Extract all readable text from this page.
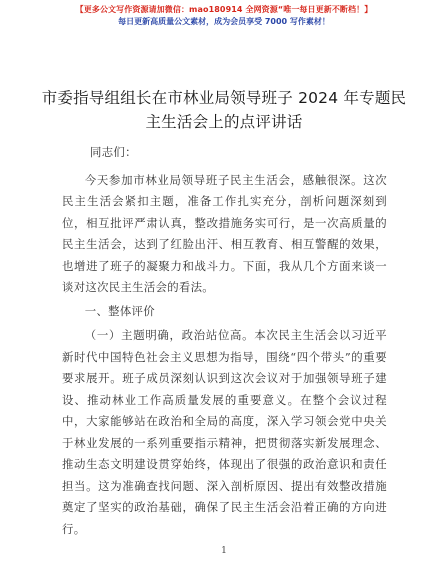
【更多公文写作资源请加微信：mao180914 全网资源“唯一每日更新不断档！】
每日更新高质量公文素材，成为会员享受 7000 写作素材！
市委指导组组长在市林业局领导班子 2024 年专题民主生活会上的点评讲话

同志们：

今天参加市林业局领导班子民主生活会，感触很深。这次民主生活会紧扣主题，准备工作扎实充分，剖析问题深刻到位，相互批评严肃认真，整改措施务实可行，是一次高质量的民主生活会，达到了红脸出汗、相互教育、相互警醒的效果，也增进了班子的凝聚力和战斗力。下面，我从几个方面来谈一谈对这次民主生活会的看法。

一、整体评价

（一）主题明确，政治站位高。本次民主生活会以习近平新时代中国特色社会主义思想为指导，围绕“四个带头”的重要要求展开。班子成员深刻认识到这次会议对于加强领导班子建设、推动林业工作高质量发展的重要意义。在整个会议过程中，大家能够站在政治和全局的高度，深入学习领会党中央关于林业发展的一系列重要指示精神，把贯彻落实新发展理念、推动生态文明建设贯穿始终，体现出了很强的政治意识和责任担当。这为准确查找问题、深入剖析原因、提出有效整改措施奠定了坚实的政治基础，确保了民主生活会沿着正确的方向进行。

1
